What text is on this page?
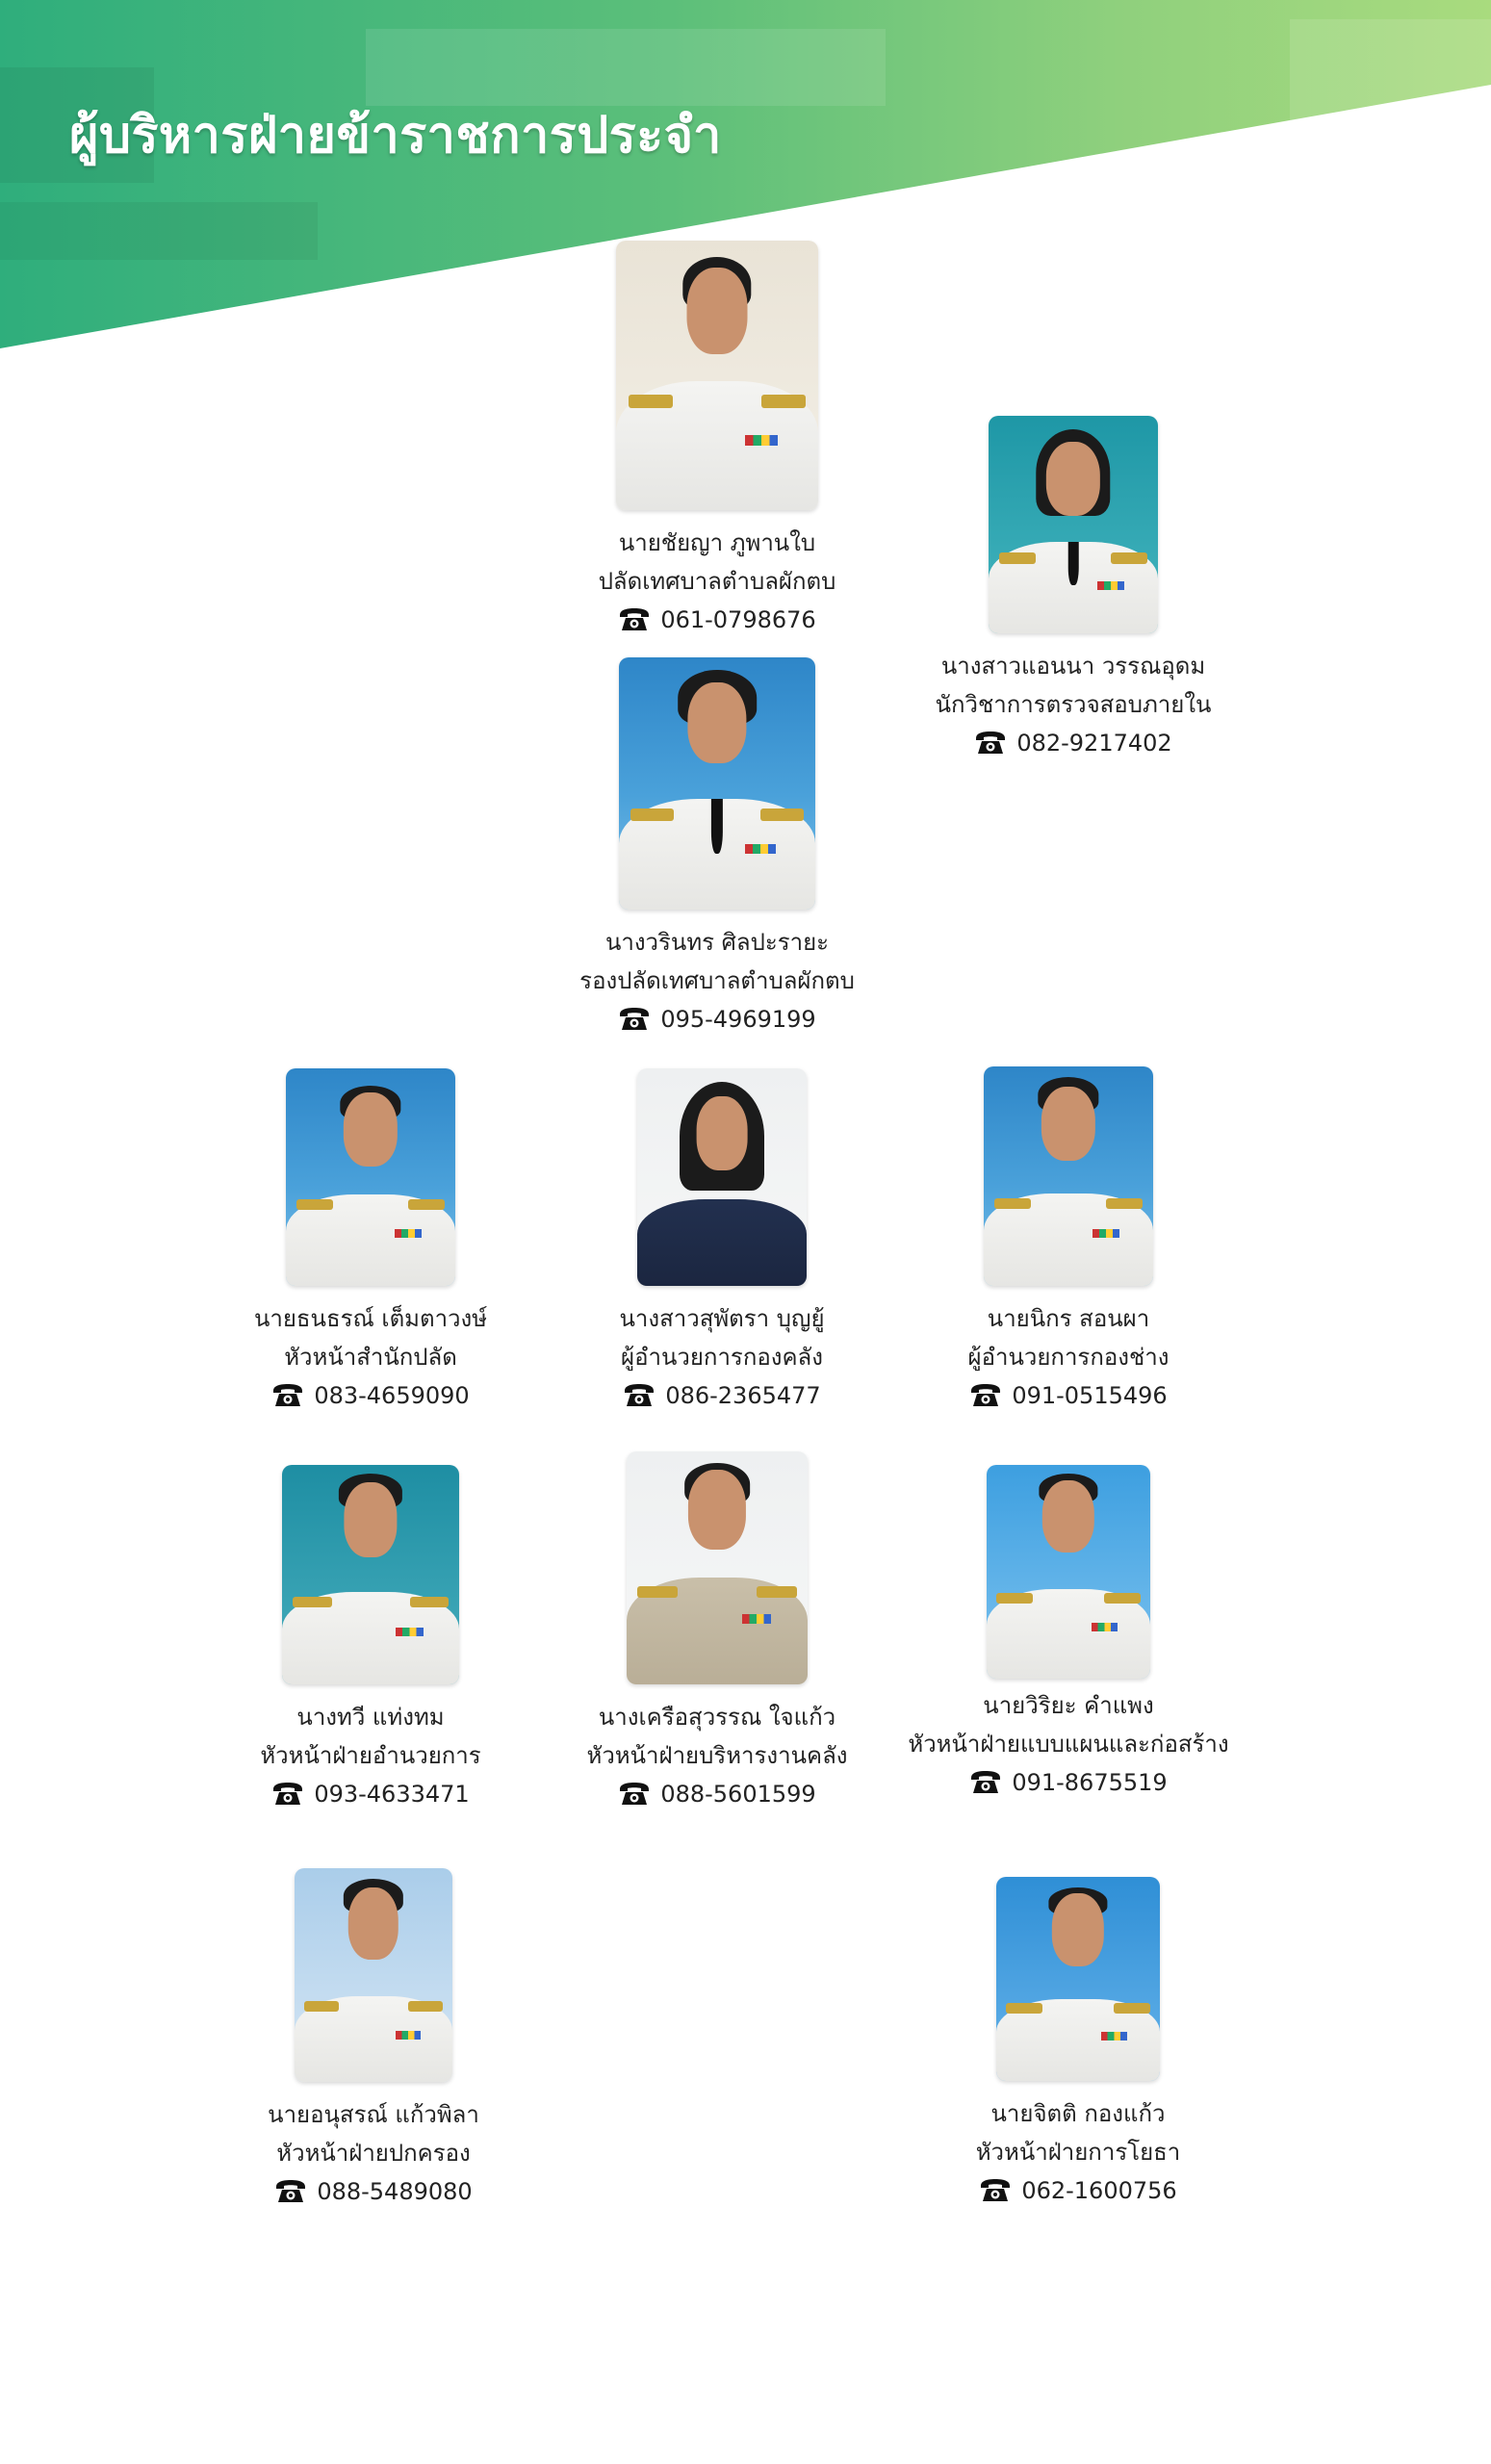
ผู้บริหารฝ่ายข้าราชการประจำ
นายชัยญา ภูพานใบ
ปลัดเทศบาลตำบลผักตบ
061-0798676
นางสาวแอนนา วรรณอุดม
นักวิชาการตรวจสอบภายใน
082-9217402
นางวรินทร ศิลปะรายะ
รองปลัดเทศบาลตำบลผักตบ
095-4969199
นายธนธรณ์ เต็มตาวงษ์
หัวหน้าสำนักปลัด
083-4659090
นางสาวสุพัตรา บุญยู้
ผู้อำนวยการกองคลัง
086-2365477
นายนิกร สอนผา
ผู้อำนวยการกองช่าง
091-0515496
นางทวี แท่งทม
หัวหน้าฝ่ายอำนวยการ
093-4633471
นางเครือสุวรรณ ใจแก้ว
หัวหน้าฝ่ายบริหารงานคลัง
088-5601599
นายวิริยะ คำแพง
หัวหน้าฝ่ายแบบแผนและก่อสร้าง
091-8675519
นายอนุสรณ์ แก้วพิลา
หัวหน้าฝ่ายปกครอง
088-5489080
นายจิตติ กองแก้ว
หัวหน้าฝ่ายการโยธา
062-1600756
